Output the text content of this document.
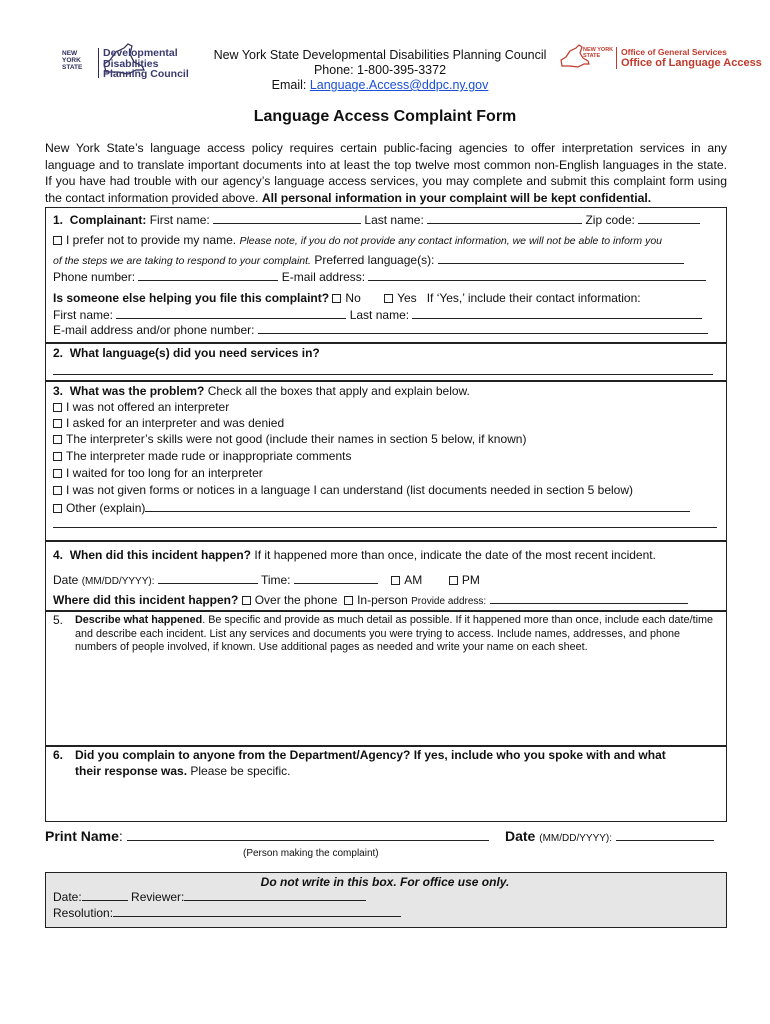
NEW
YORK
STATE
Developmental
Disabilities
Planning Council
New York State Developmental Disabilities Planning Council
Phone: 1-800-395-3372
Email: Language.Access@ddpc.ny.gov
NEW YORK
STATE	Office of General Services
Office of Language Access
Language Access Complaint Form
New York State’s language access policy requires certain public-facing agencies to offer interpretation services in any language and to translate important documents into at least the top twelve most common non-English languages in the state. If you have had trouble with our agency’s language access services, you may complete and submit this complaint form using the contact information provided above. All personal information in your complaint will be kept confidential.
1. Complainant: First name:	Last name:	Zip code:
I prefer not to provide my name. Please note, if you do not provide any contact information, we will not be able to inform you
of the steps we are taking to respond to your complaint. Preferred language(s):
Phone number:	E-mail address:
Is someone else helping you file this complaint? No	Yes If ‘Yes,’ include their contact information:
First name:	Last name:
E-mail address and/or phone number:
2. What language(s) did you need services in?
3. What was the problem? Check all the boxes that apply and explain below.
I was not offered an interpreter
I asked for an interpreter and was denied
The interpreter’s skills were not good (include their names in section 5 below, if known)
The interpreter made rude or inappropriate comments
I waited for too long for an interpreter
I was not given forms or notices in a language I can understand (list documents needed in section 5 below)
Other (explain)
4. When did this incident happen? If it happened more than once, indicate the date of the most recent incident.
Date (MM/DD/YYYY):	Time:	AM	PM
Where did this incident happen? Over the phone In-person Provide address:
5. Describe what happened. Be specific and provide as much detail as possible. If it happened more than once, include each date/time and describe each incident. List any services and documents you were trying to access. Include names, addresses, and phone numbers of people involved, if known. Use additional pages as needed and write your name on each sheet.
6. Did you complain to anyone from the Department/Agency? If yes, include who you spoke with and what
their response was. Please be specific.
Print Name:	Date (MM/DD/YYYY):
(Person making the complaint)
Do not write in this box. For office use only.
Date:	Reviewer:
Resolution:
